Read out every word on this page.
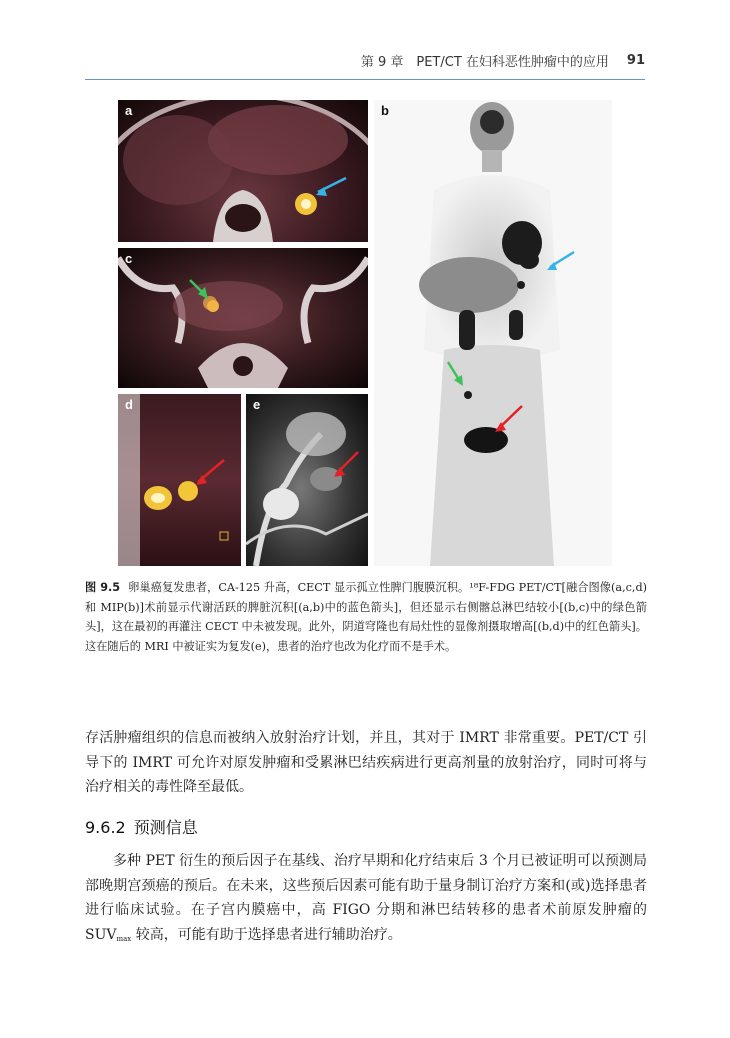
第 9 章　PET/CT 在妇科恶性肿瘤中的应用 91
a
c
d	e
b
图 9.5 卵巢癌复发患者，CA-125 升高，CECT 显示孤立性脾门腹膜沉积。¹⁸F-FDG PET/CT[融合图像(a,c,d)和 MIP(b)]术前显示代谢活跃的脾脏沉积[(a,b)中的蓝色箭头]，但还显示右侧髂总淋巴结较小[(b,c)中的绿色箭头]，这在最初的再灌注 CECT 中未被发现。此外，阴道穹隆也有局灶性的显像剂摄取增高[(b,d)中的红色箭头]。这在随后的 MRI 中被证实为复发(e)，患者的治疗也改为化疗而不是手术。
存活肿瘤组织的信息而被纳入放射治疗计划，并且，其对于 IMRT 非常重要。PET/CT 引导下的 IMRT 可允许对原发肿瘤和受累淋巴结疾病进行更高剂量的放射治疗，同时可将与治疗相关的毒性降至最低。
9.6.2 预测信息
多种 PET 衍生的预后因子在基线、治疗早期和化疗结束后 3 个月已被证明可以预测局部晚期宫颈癌的预后。在未来，这些预后因素可能有助于量身制订治疗方案和(或)选择患者进行临床试验。在子宫内膜癌中，高 FIGO 分期和淋巴结转移的患者术前原发肿瘤的 $SUV_{max}$ 较高，可能有助于选择患者进行辅助治疗。
